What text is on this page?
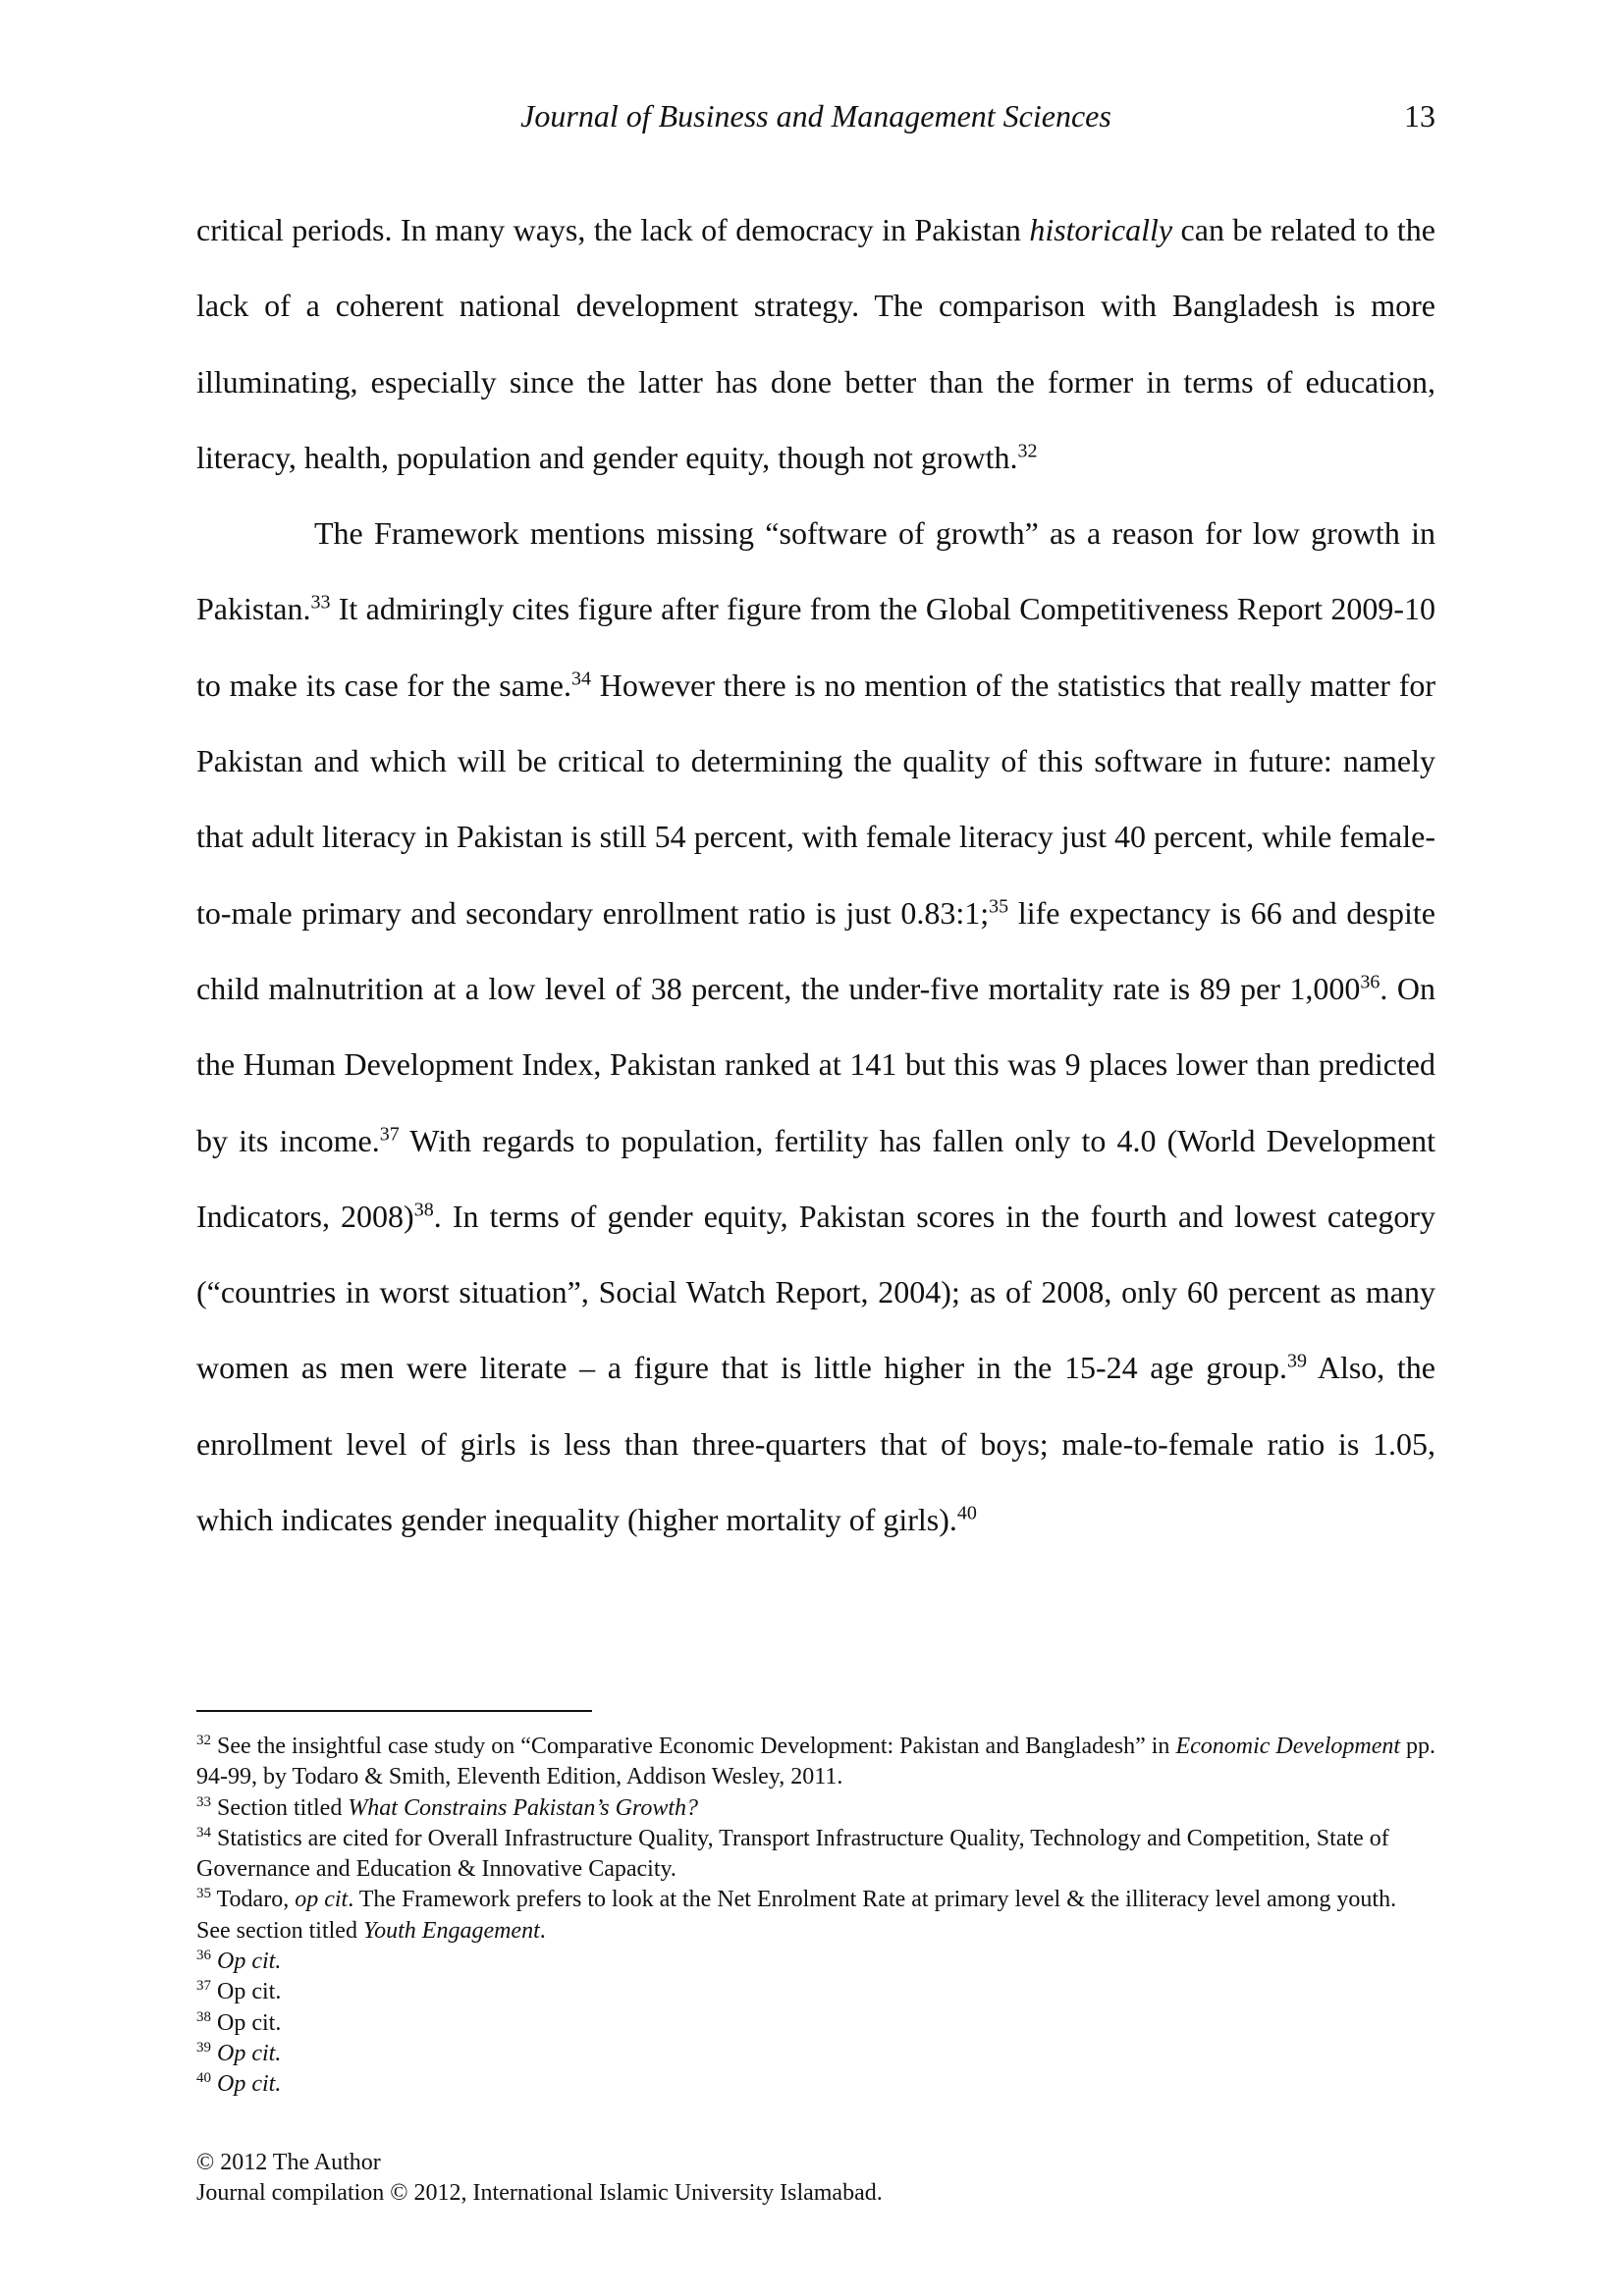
Journal of Business and Management Sciences	13

critical periods. In many ways, the lack of democracy in Pakistan historically can be related to the lack of a coherent national development strategy. The comparison with Bangladesh is more illuminating, especially since the latter has done better than the former in terms of education, literacy, health, population and gender equity, though not growth.$^{32}$

The Framework mentions missing “software of growth” as a reason for low growth in Pakistan.$^{33}$ It admiringly cites figure after figure from the Global Competitiveness Report 2009-10 to make its case for the same.$^{34}$ However there is no mention of the statistics that really matter for Pakistan and which will be critical to determining the quality of this software in future: namely that adult literacy in Pakistan is still 54 percent, with female literacy just 40 percent, while female-to-male primary and secondary enrollment ratio is just 0.83:1;$^{35}$ life expectancy is 66 and despite child malnutrition at a low level of 38 percent, the under-five mortality rate is 89 per 1,000$^{36}$. On the Human Development Index, Pakistan ranked at 141 but this was 9 places lower than predicted by its income.$^{37}$ With regards to population, fertility has fallen only to 4.0 (World Development Indicators, 2008)$^{38}$. In terms of gender equity, Pakistan scores in the fourth and lowest category (“countries in worst situation”, Social Watch Report, 2004); as of 2008, only 60 percent as many women as men were literate – a figure that is little higher in the 15-24 age group.$^{39}$ Also, the enrollment level of girls is less than three-quarters that of boys; male-to-female ratio is 1.05, which indicates gender inequality (higher mortality of girls).$^{40}$

$^{32}$ See the insightful case study on “Comparative Economic Development: Pakistan and Bangladesh” in Economic Development pp. 94-99, by Todaro & Smith, Eleventh Edition, Addison Wesley, 2011.

$^{33}$ Section titled What Constrains Pakistan’s Growth?

$^{34}$ Statistics are cited for Overall Infrastructure Quality, Transport Infrastructure Quality, Technology and Competition, State of Governance and Education & Innovative Capacity.

$^{35}$ Todaro, op cit. The Framework prefers to look at the Net Enrolment Rate at primary level & the illiteracy level among youth. See section titled Youth Engagement.

$^{36}$ Op cit.

$^{37}$ Op cit.

$^{38}$ Op cit.

$^{39}$ Op cit.

$^{40}$ Op cit.

© 2012 The Author

Journal compilation © 2012, International Islamic University Islamabad.
